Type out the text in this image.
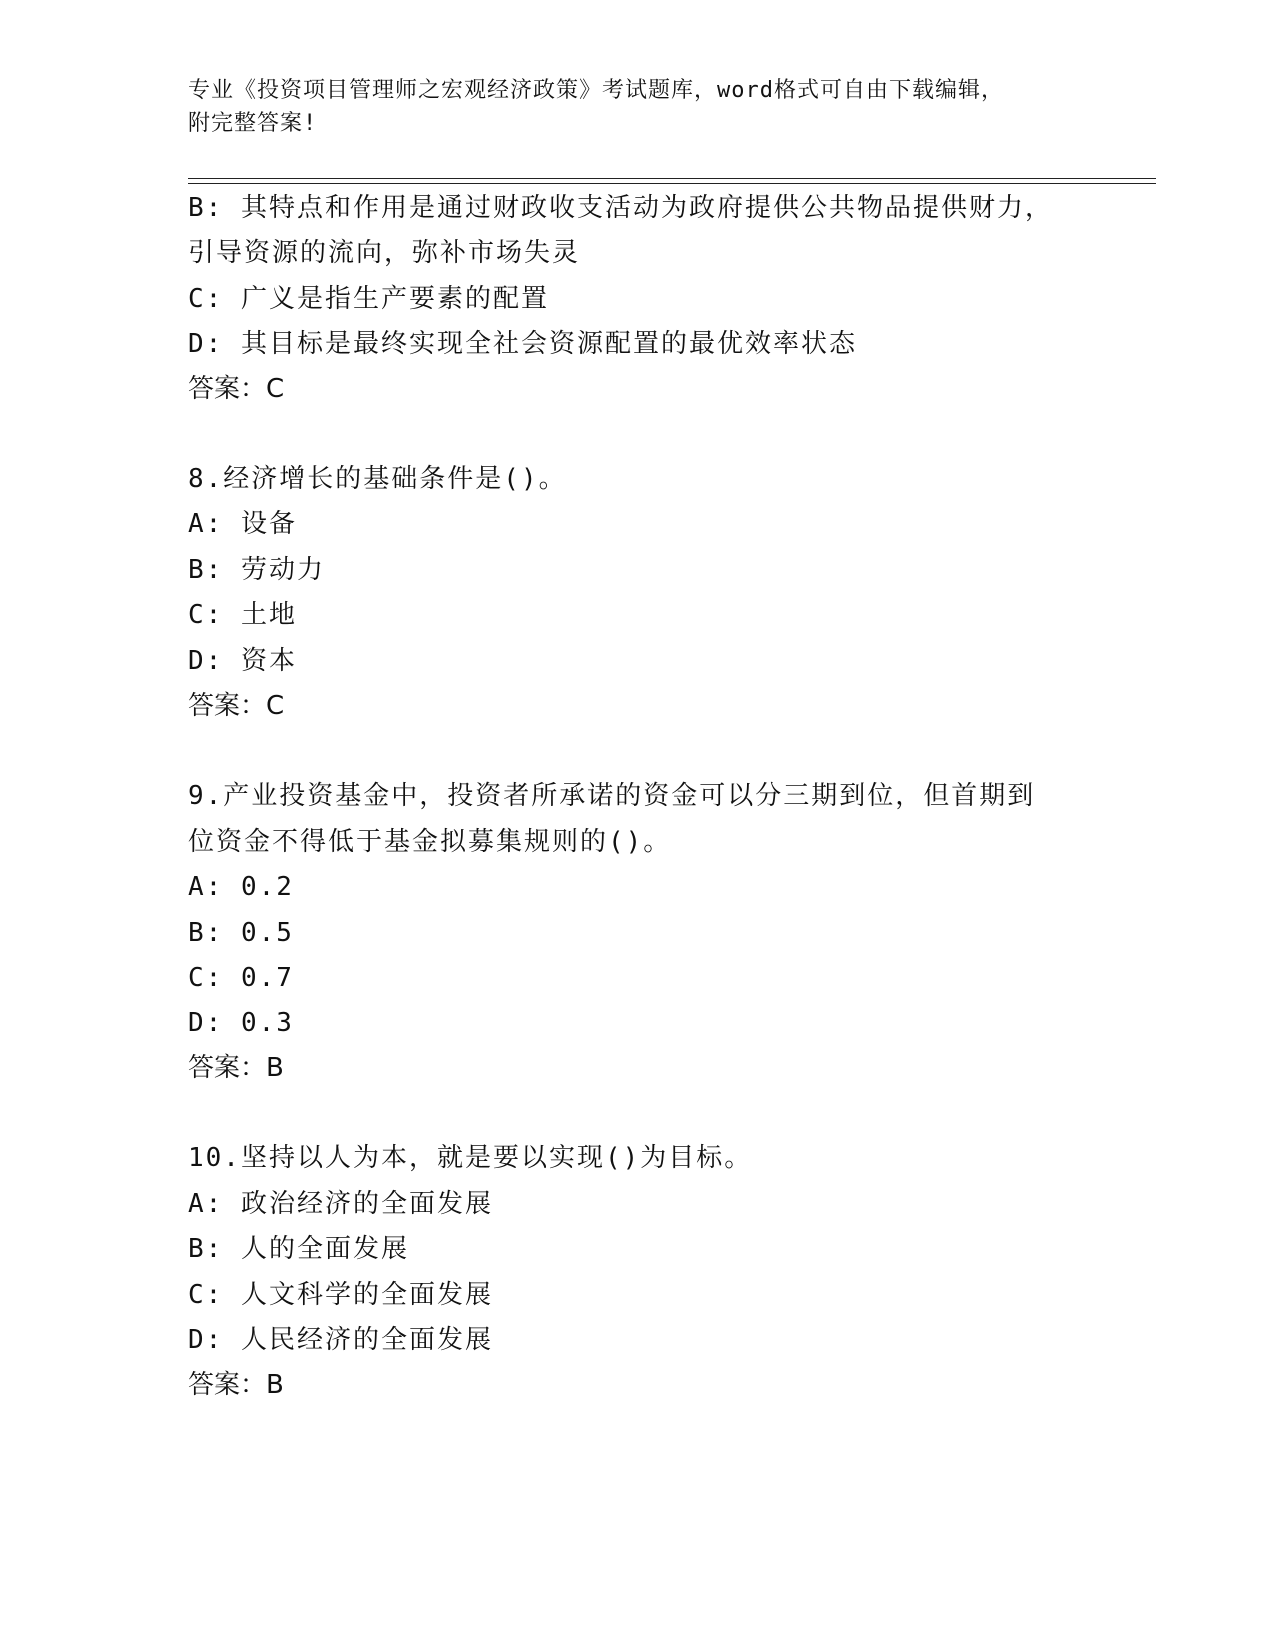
专业《投资项目管理师之宏观经济政策》考试题库，word格式可自由下载编辑，
附完整答案!
B: 其特点和作用是通过财政收支活动为政府提供公共物品提供财力，
引导资源的流向，弥补市场失灵
C: 广义是指生产要素的配置
D: 其目标是最终实现全社会资源配置的最优效率状态
答案：C
8.经济增长的基础条件是()。
A: 设备
B: 劳动力
C: 土地
D: 资本
答案：C
9.产业投资基金中，投资者所承诺的资金可以分三期到位，但首期到
位资金不得低于基金拟募集规则的()。
A: 0.2
B: 0.5
C: 0.7
D: 0.3
答案：B
10.坚持以人为本，就是要以实现()为目标。
A: 政治经济的全面发展
B: 人的全面发展
C: 人文科学的全面发展
D: 人民经济的全面发展
答案：B
